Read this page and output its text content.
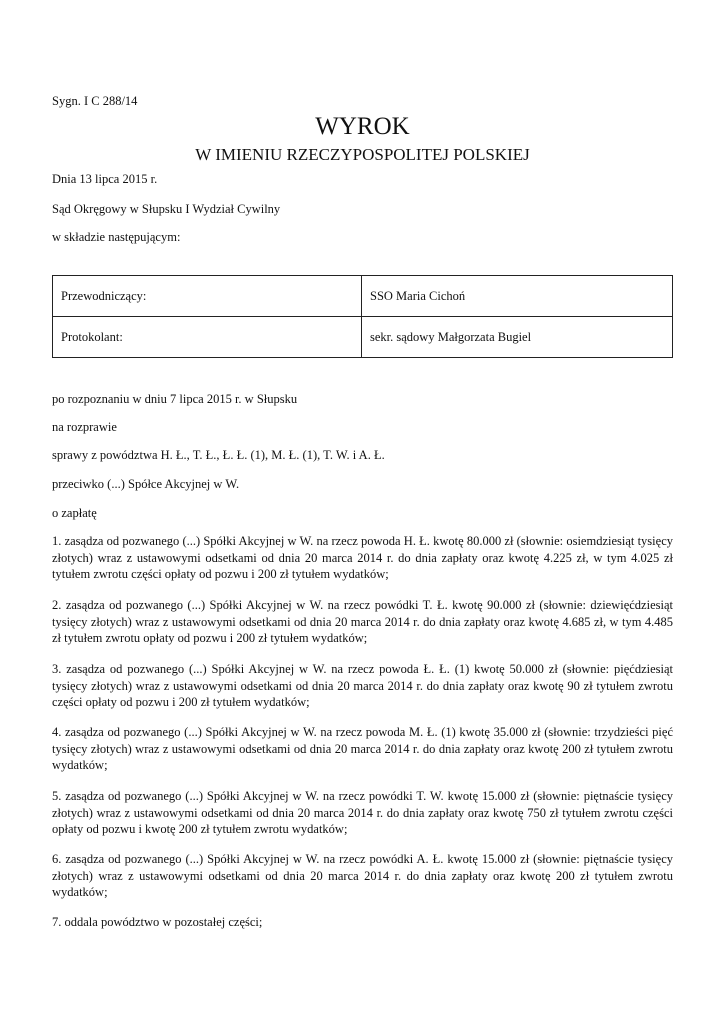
Sygn. I C 288/14
WYROK
W IMIENIU RZECZYPOSPOLITEJ POLSKIEJ
Dnia 13 lipca 2015 r.
Sąd Okręgowy w Słupsku I Wydział Cywilny
w składzie następującym:
Przewodniczący:	SSO Maria Cichoń
Protokolant:	sekr. sądowy Małgorzata Bugiel
po rozpoznaniu w dniu 7 lipca 2015 r. w Słupsku
na rozprawie
sprawy z powództwa H. Ł., T. Ł., Ł. Ł. (1), M. Ł. (1), T. W. i A. Ł.
przeciwko (...) Spółce Akcyjnej w W.
o zapłatę
1. zasądza od pozwanego (...) Spółki Akcyjnej w W. na rzecz powoda H. Ł. kwotę 80.000 zł (słownie: osiemdziesiąt tysięcy złotych) wraz z ustawowymi odsetkami od dnia 20 marca 2014 r. do dnia zapłaty oraz kwotę 4.225 zł, w tym 4.025 zł tytułem zwrotu części opłaty od pozwu i 200 zł tytułem wydatków;
2. zasądza od pozwanego (...) Spółki Akcyjnej w W. na rzecz powódki T. Ł. kwotę 90.000 zł (słownie: dziewięćdziesiąt tysięcy złotych) wraz z ustawowymi odsetkami od dnia 20 marca 2014 r. do dnia zapłaty oraz kwotę 4.685 zł, w tym 4.485 zł tytułem zwrotu opłaty od pozwu i 200 zł tytułem wydatków;
3. zasądza od pozwanego (...) Spółki Akcyjnej w W. na rzecz powoda Ł. Ł. (1) kwotę 50.000 zł (słownie: pięćdziesiąt tysięcy złotych) wraz z ustawowymi odsetkami od dnia 20 marca 2014 r. do dnia zapłaty oraz kwotę 90 zł tytułem zwrotu części opłaty od pozwu i 200 zł tytułem wydatków;
4. zasądza od pozwanego (...) Spółki Akcyjnej w W. na rzecz powoda M. Ł. (1) kwotę 35.000 zł (słownie: trzydzieści pięć tysięcy złotych) wraz z ustawowymi odsetkami od dnia 20 marca 2014 r. do dnia zapłaty oraz kwotę 200 zł tytułem zwrotu wydatków;
5. zasądza od pozwanego (...) Spółki Akcyjnej w W. na rzecz powódki T. W. kwotę 15.000 zł (słownie: piętnaście tysięcy złotych) wraz z ustawowymi odsetkami od dnia 20 marca 2014 r. do dnia zapłaty oraz kwotę 750 zł tytułem zwrotu części opłaty od pozwu i kwotę 200 zł tytułem zwrotu wydatków;
6. zasądza od pozwanego (...) Spółki Akcyjnej w W. na rzecz powódki A. Ł. kwotę 15.000 zł (słownie: piętnaście tysięcy złotych) wraz z ustawowymi odsetkami od dnia 20 marca 2014 r. do dnia zapłaty oraz kwotę 200 zł tytułem zwrotu wydatków;
7. oddala powództwo w pozostałej części;
